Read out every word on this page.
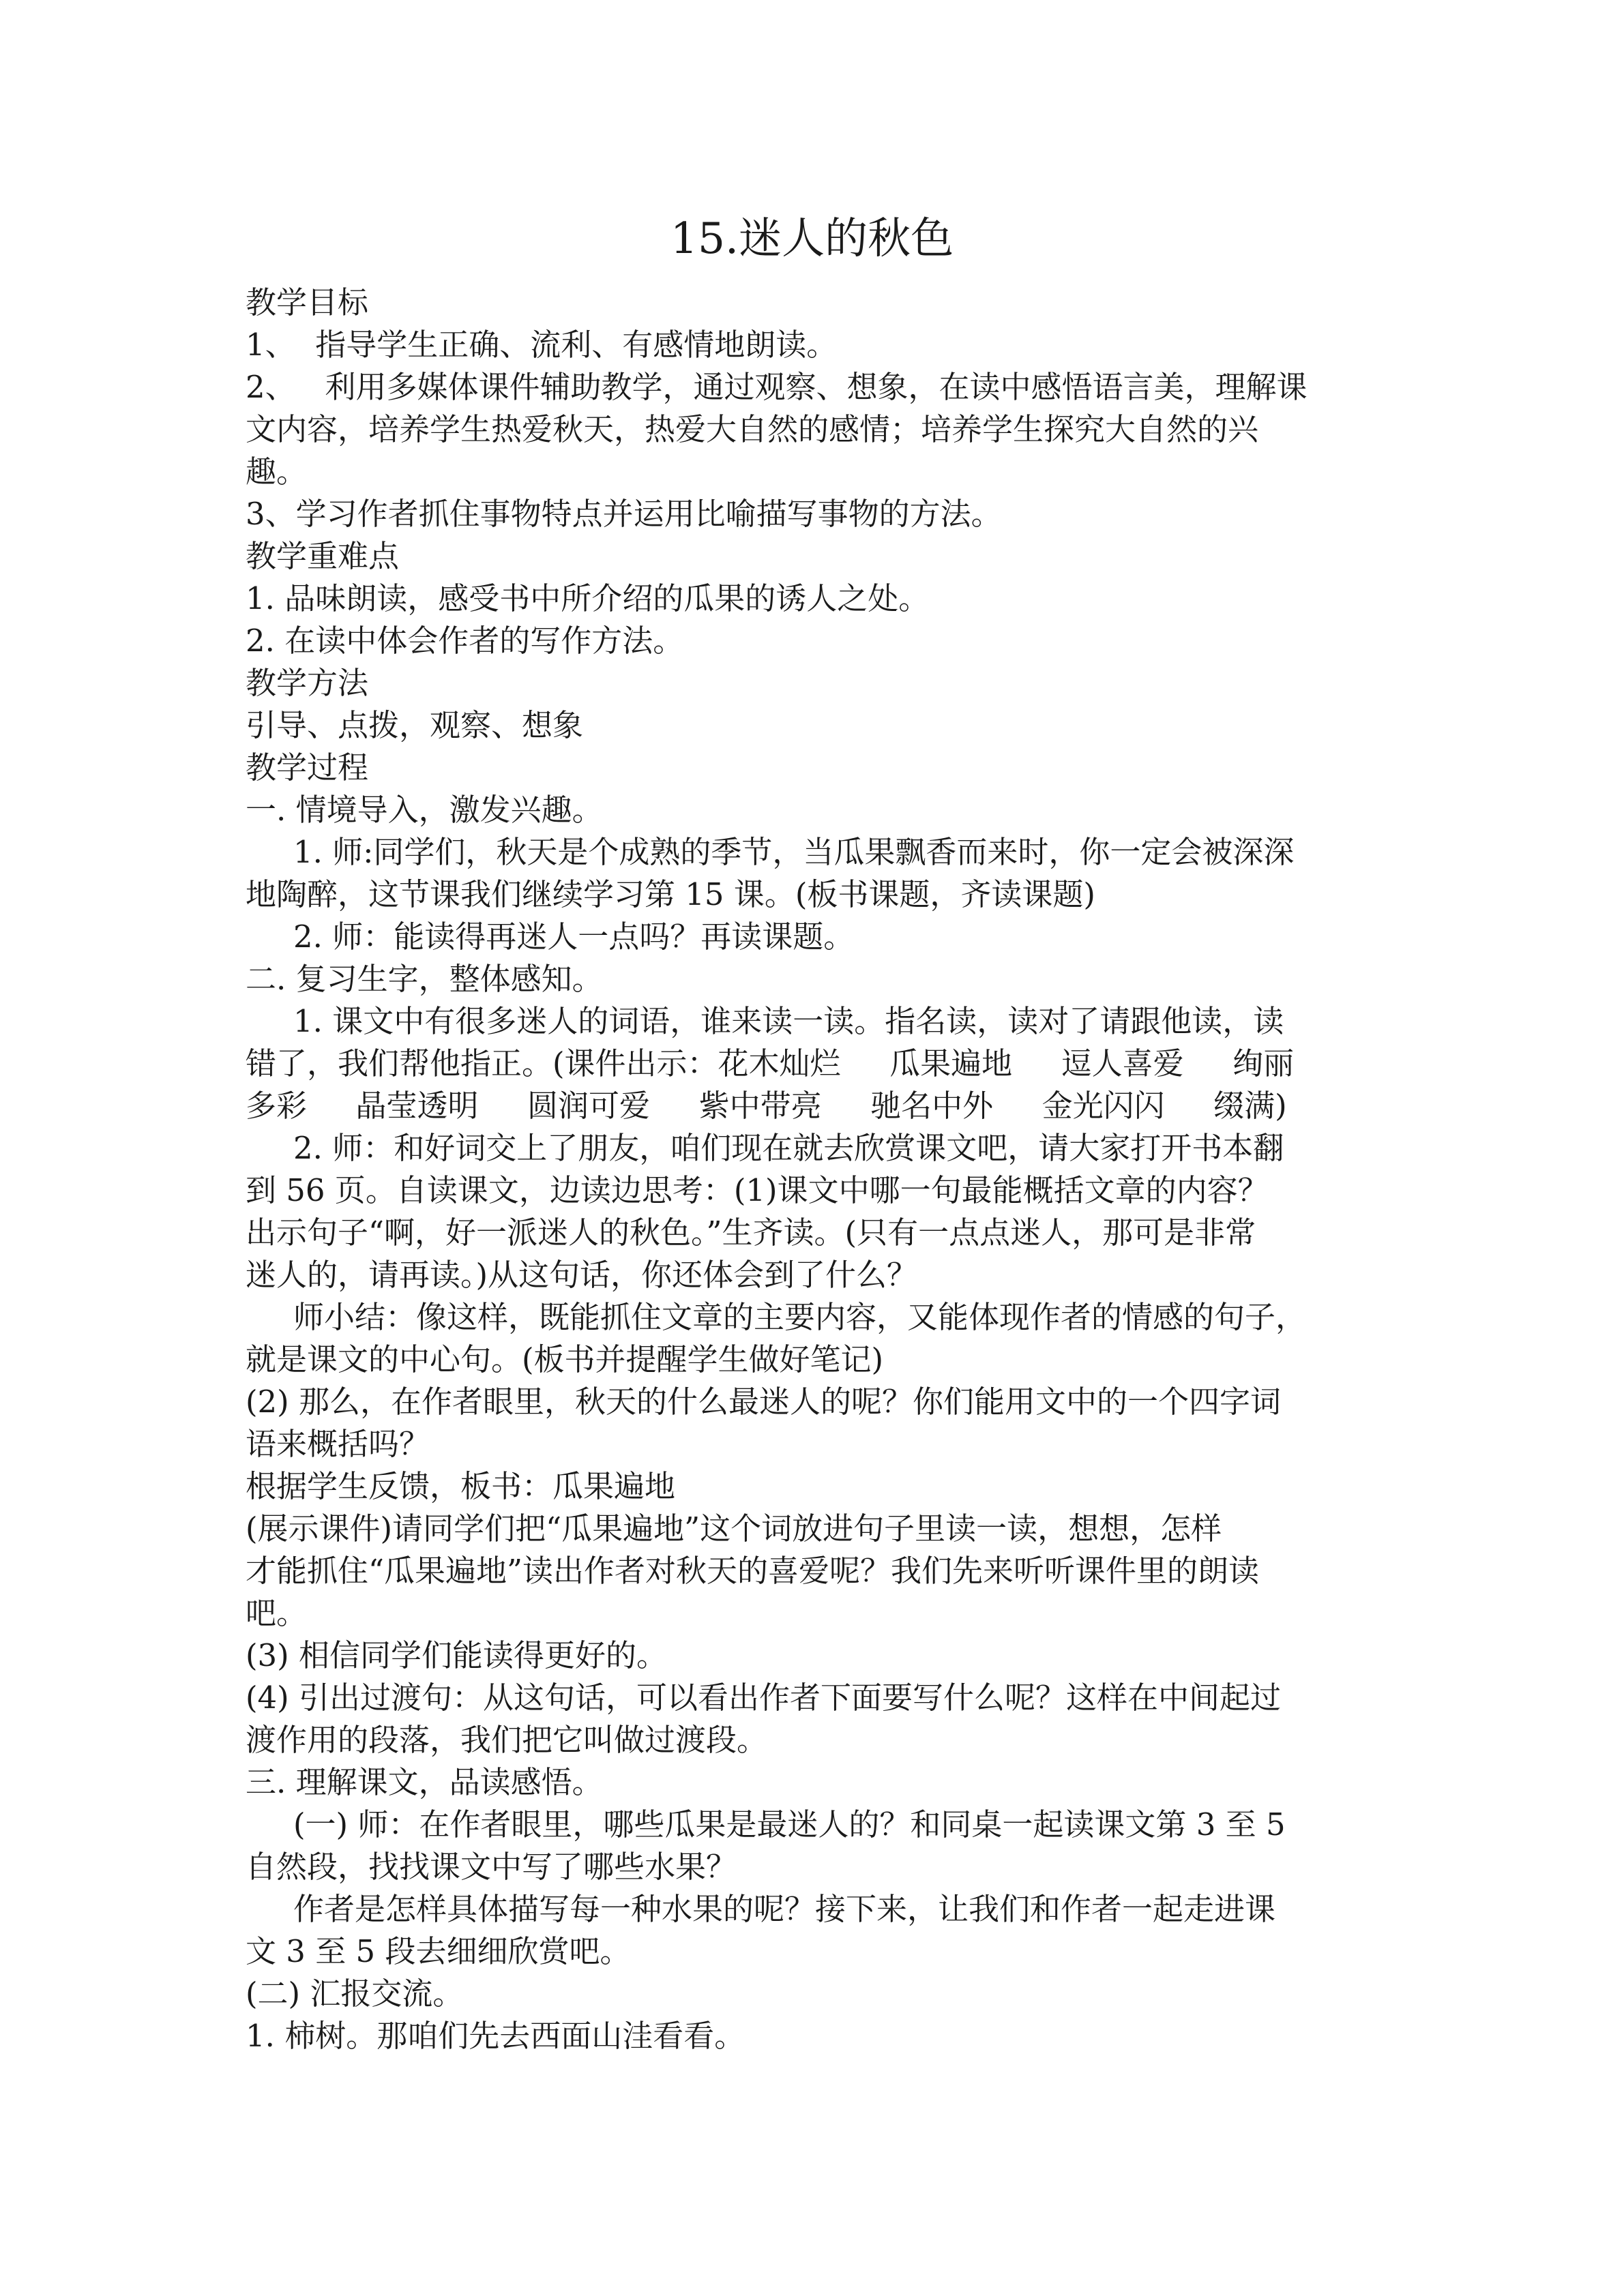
15.迷人的秋色

教学目标

1、  指导学生正确、流利、有感情地朗读。

2、   利用多媒体课件辅助教学，通过观察、想象，在读中感悟语言美，理解课

文内容，培养学生热爱秋天，热爱大自然的感情；培养学生探究大自然的兴

趣。

3、学习作者抓住事物特点并运用比喻描写事物的方法。

教学重难点

1. 品味朗读，感受书中所介绍的瓜果的诱人之处。

2. 在读中体会作者的写作方法。

教学方法

引导、点拨，观察、想象

教学过程

一. 情境导入，激发兴趣。

1. 师:同学们，秋天是个成熟的季节，当瓜果飘香而来时，你一定会被深深

地陶醉，这节课我们继续学习第 15 课。(板书课题，齐读课题)

2. 师：能读得再迷人一点吗？再读课题。

二. 复习生字，整体感知。

1. 课文中有很多迷人的词语，谁来读一读。指名读，读对了请跟他读，读

错了，我们帮他指正。(课件出示：花木灿烂     瓜果遍地     逗人喜爱     绚丽

多彩     晶莹透明     圆润可爱     紫中带亮     驰名中外     金光闪闪     缀满)

2. 师：和好词交上了朋友，咱们现在就去欣赏课文吧，请大家打开书本翻

到 56 页。自读课文，边读边思考：(1)课文中哪一句最能概括文章的内容？

出示句子“啊，好一派迷人的秋色。”生齐读。(只有一点点迷人，那可是非常

迷人的，请再读。)从这句话，你还体会到了什么？

师小结：像这样，既能抓住文章的主要内容，又能体现作者的情感的句子，

就是课文的中心句。(板书并提醒学生做好笔记)

(2) 那么，在作者眼里，秋天的什么最迷人的呢？你们能用文中的一个四字词

语来概括吗？

根据学生反馈，板书：瓜果遍地

(展示课件)请同学们把“瓜果遍地”这个词放进句子里读一读，想想，怎样

才能抓住“瓜果遍地”读出作者对秋天的喜爱呢？我们先来听听课件里的朗读

吧。

(3) 相信同学们能读得更好的。

(4) 引出过渡句：从这句话，可以看出作者下面要写什么呢？这样在中间起过

渡作用的段落，我们把它叫做过渡段。

三. 理解课文，品读感悟。

(一) 师：在作者眼里，哪些瓜果是最迷人的？和同桌一起读课文第 3 至 5

自然段，找找课文中写了哪些水果？

作者是怎样具体描写每一种水果的呢？接下来，让我们和作者一起走进课

文 3 至 5 段去细细欣赏吧。

(二) 汇报交流。

1. 柿树。那咱们先去西面山洼看看。
